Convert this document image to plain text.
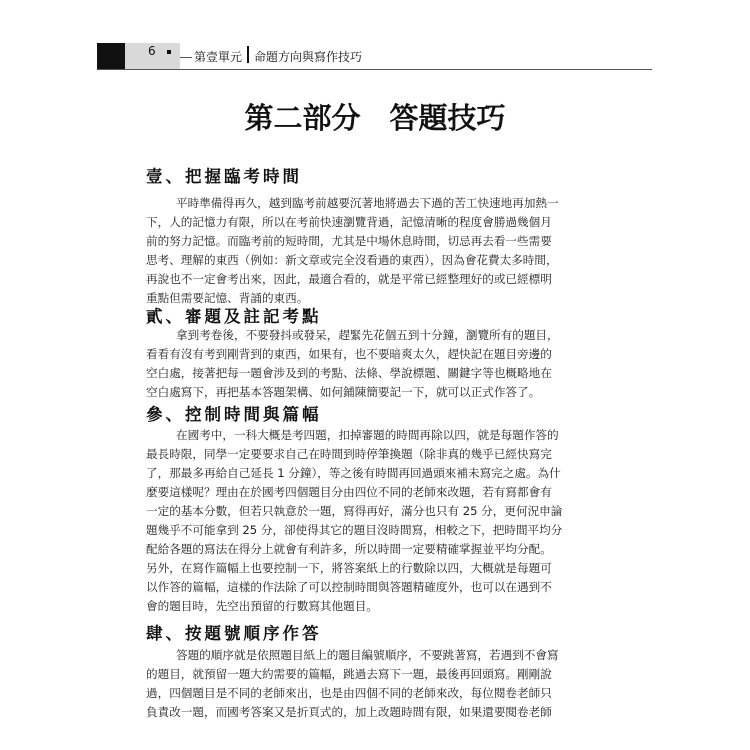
6	第壹單元 命題方向與寫作技巧
第二部分　答題技巧
壹、把握臨考時間
平時準備得再久，越到臨考前越要沉著地將過去下過的苦工快速地再加熱一
下，人的記憶力有限，所以在考前快速瀏覽背過，記憶清晰的程度會勝過幾個月
前的努力記憶。而臨考前的短時間，尤其是中場休息時間，切忌再去看一些需要
思考、理解的東西（例如：新文章或完全沒看過的東西），因為會花費太多時間，
再說也不一定會考出來，因此，最適合看的，就是平常已經整理好的或已經標明
重點但需要記憶、背誦的東西。
貳、審題及註記考點
拿到考卷後，不要發抖或發呆，趕緊先花個五到十分鐘，瀏覽所有的題目，
看看有沒有考到剛背到的東西，如果有，也不要暗爽太久，趕快記在題目旁邊的
空白處，接著把每一題會涉及到的考點、法條、學說標題、關鍵字等也概略地在
空白處寫下，再把基本答題架構、如何鋪陳簡要記一下，就可以正式作答了。
參、控制時間與篇幅
在國考中，一科大概是考四題，扣掉審題的時間再除以四，就是每題作答的
最長時限，同學一定要要求自己在時間到時停筆換題（除非真的幾乎已經快寫完
了，那最多再給自己延長 1 分鐘），等之後有時間再回過頭來補未寫完之處。為什
麼要這樣呢？理由在於國考四個題目分由四位不同的老師來改題，若有寫都會有
一定的基本分數，但若只執意於一題，寫得再好，滿分也只有 25 分，更何況申論
題幾乎不可能拿到 25 分，卻使得其它的題目沒時間寫，相較之下，把時間平均分
配給各題的寫法在得分上就會有利許多，所以時間一定要精確掌握並平均分配。
另外，在寫作篇幅上也要控制一下，將答案紙上的行數除以四，大概就是每題可
以作答的篇幅，這樣的作法除了可以控制時間與答題精確度外，也可以在遇到不
會的題目時，先空出預留的行數寫其他題目。
肆、按題號順序作答
答題的順序就是依照題目紙上的題目編號順序，不要跳著寫，若遇到不會寫
的題目，就預留一題大約需要的篇幅，跳過去寫下一題，最後再回頭寫。剛剛說
過，四個題目是不同的老師來出，也是由四個不同的老師來改，每位閱卷老師只
負責改一題，而國考答案又是折頁式的，加上改題時間有限，如果還要閱卷老師
